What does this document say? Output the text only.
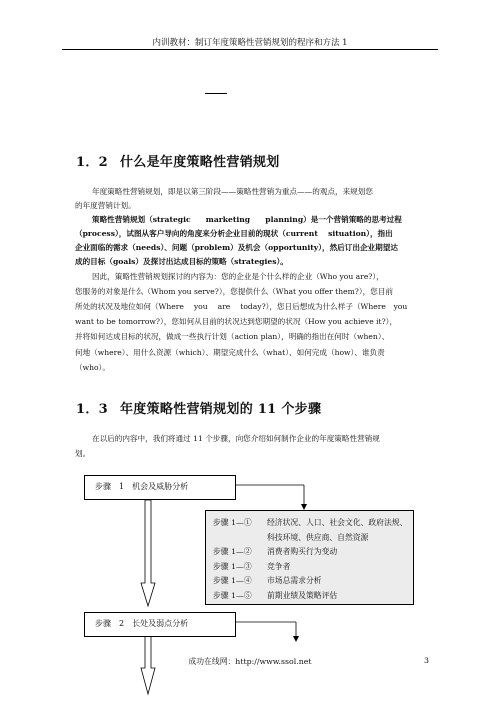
内训教材：制订年度策略性营销规划的程序和方法 1
1．2 什么是年度策略性营销规划
年度策略性营销规划，即是以第三阶段——策略性营销为重点——的观点，来规划您
的年度营销计划。
策略性营销规划（strategic　　marketing　　planning）是一个营销策略的思考过程
（process），试图从客户导向的角度来分析企业目前的现状（current　 situation），指出
企业面临的需求（needs）、问题（problem）及机会（opportunity），然后订出企业期望达
成的目标（goals）及探讨出达成目标的策略（strategies）。
因此，策略性营销规划探讨的内容为：您的企业是个什么样的企业（Who you are?），
您服务的对象是什么（Whom you serve?），您提供什么（What you offer them?），您目前
所处的状况及地位如何（Where　 you　 are　 today?），您日后想成为什么样子（Where　you
want to be tomorrow?），您如何从目前的状况达到您期望的状况（How you achieve it?），
并将如何达成目标的状况，做成一些执行计划（action plan），明确的指出在何时（when）、
何地（where）、用什么资源（which）、期望完成什么（what）、如何完成（how）、谁负责
（who）。
1．3 年度策略性营销规划的 11 个步骤
在以后的内容中，我们将通过 11 个步骤，向您介绍如何制作企业的年度策略性营销规
划。
步骤　1　机会及威胁分析
步骤 1—① 经济状况、人口、社会文化、政府法规、
科技环境、供应商、自然资源
步骤 1—② 消费者购买行为变动
步骤 1—③ 竞争者
步骤 1—④ 市场总需求分析
步骤 1—⑤ 前期业绩及策略评估
步骤　2　长处及弱点分析
成功在线网：http://www.ssol.net	3
